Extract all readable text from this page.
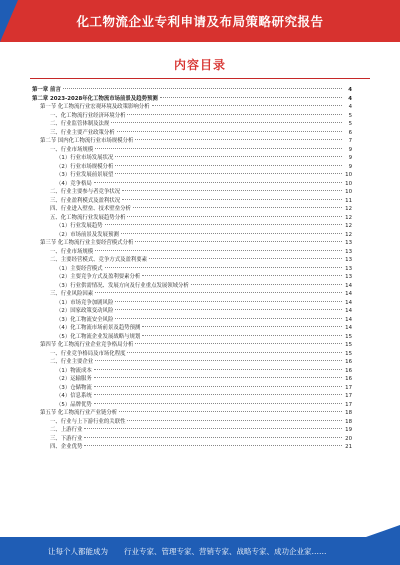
化工物流企业专利申请及布局策略研究报告
内容目录
第一章 前言	4
第二章 2023-2028年化工物流市场前景及趋势预测	4
第一节 化工物流行业宏观环境及政策影响分析	4
一、化工物流行业经济环境分析	5
二、行业监管体制及法规	5
三、行业主要产业政策分析	6
第二节 国内化工物流行业市场规模分析	7
一、行业市场规模	9
（1）行业市场发展状况	9
（2）行业市场规模分析	9
（3）行业发展前景展望	10
（4）竞争格局	10
二、行业主要参与者竞争状况	10
三、行业盈利模式及盈利状况	11
四、行业进入壁垒、技术壁垒分析	12
五、化工物流行业发展趋势分析	12
（1）行业发展趋势	12
（2）市场前景及发展预测	12
第三节 化工物流行业主要经营模式分析	13
一、行业市场规模	13
二、主要经营模式、竞争方式及盈利要素	13
（1）主要经营模式	13
（2）主要竞争方式及盈利要素分析	13
（3）行业供需情况、发展方向及行业重点发展领域分析	14
三、行业风险因素	14
（1）市场竞争加剧风险	14
（2）国家政策变动风险	14
（3）化工物流安全风险	14
（4）化工物流市场前景及趋势预测	14
（5）化工物流企业发展战略与规划	15
第四节 化工物流行业企业竞争格局分析	15
一、行业竞争格局及市场化程度	15
二、行业主要企业	16
（1）物流成本	16
（2）运输服务	16
（3）仓储物流	17
（4）信息系统	17
（5）品牌优势	17
第五节 化工物流行业产业链分析	18
一、行业与上下游行业的关联性	18
二、上游行业	19
三、下游行业	20
四、企业优势	21
让每个人都能成为 行业专家、管理专家、营销专家、战略专家、成功企业家……
